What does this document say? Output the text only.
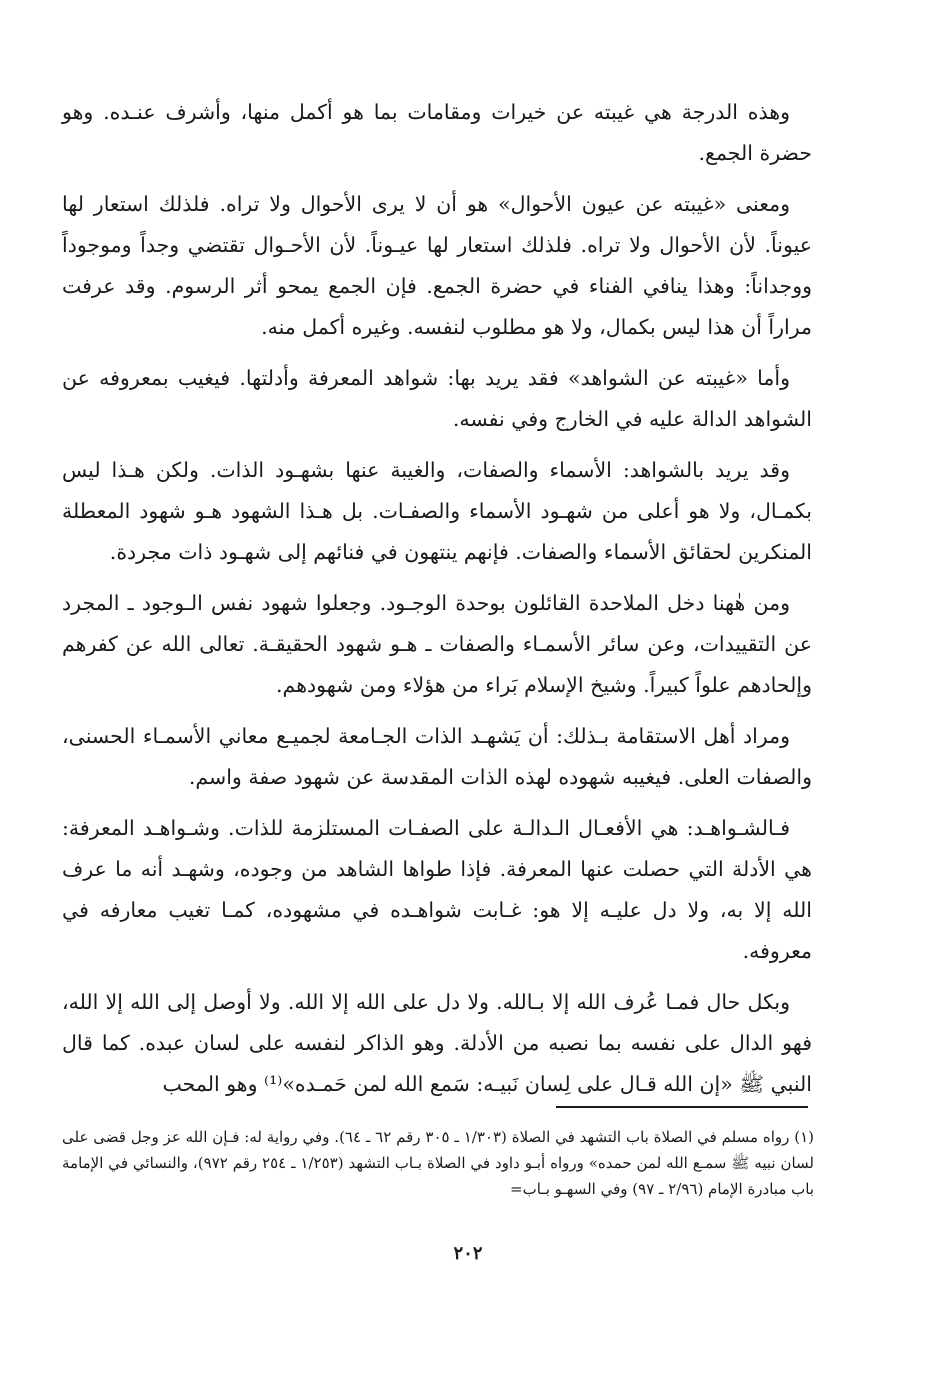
وهذه الدرجة هي غيبته عن خيرات ومقامات بما هو أكمل منها، وأشرف عنـده. وهو حضرة الجمع.

ومعنى «غيبته عن عيون الأحوال» هو أن لا يرى الأحوال ولا تراه. فلذلك استعار لها عيوناً. لأن الأحوال ولا تراه. فلذلك استعار لها عيـوناً. لأن الأحـوال تقتضي وجداً وموجوداً ووجداناً: وهذا ينافي الفناء في حضرة الجمع. فإن الجمع يمحو أثر الرسوم. وقد عرفت مراراً أن هذا ليس بكمال، ولا هو مطلوب لنفسه. وغيره أكمل منه.

وأما «غيبته عن الشواهد» فقد يريد بها: شواهد المعرفة وأدلتها. فيغيب بمعروفه عن الشواهد الدالة عليه في الخارج وفي نفسه.

وقد يريد بالشواهد: الأسماء والصفات، والغيبة عنها بشهـود الذات. ولكن هـذا ليس بكمـال، ولا هو أعلى من شهـود الأسماء والصفـات. بل هـذا الشهود هـو شهود المعطلة المنكرين لحقائق الأسماء والصفات. فإنهم ينتهون في فنائهم إلى شهـود ذات مجردة.

ومن هٰهنا دخل الملاحدة القائلون بوحدة الوجـود. وجعلوا شهود نفس الـوجود ـ المجرد عن التقييدات، وعن سائر الأسمـاء والصفات ـ هـو شهود الحقيقـة. تعالى الله عن كفرهم وإلحادهم علواً كبيراً. وشيخ الإسلام بَراء من هؤلاء ومن شهودهم.

ومراد أهل الاستقامة بـذلك: أن يَشهـد الذات الجـامعة لجميـع معاني الأسمـاء الحسنى، والصفات العلى. فيغيبه شهوده لهذه الذات المقدسة عن شهود صفة واسم.

فـالشـواهـد: هي الأفعـال الـدالـة على الصفـات المستلزمة للذات. وشـواهـد المعرفة: هي الأدلة التي حصلت عنها المعرفة. فإذا طواها الشاهد من وجوده، وشهـد أنه ما عرف الله إلا به، ولا دل عليـه إلا هو: غـابت شواهـده في مشهوده، كمـا تغيب معارفه في معروفه.

وبكل حال فمـا عُرف الله إلا بـالله. ولا دل على الله إلا الله. ولا أوصل إلى الله إلا الله، فهو الدال على نفسه بما نصبه من الأدلة. وهو الذاكر لنفسه على لسان عبده. كما قال النبي ﷺ «إن الله قـال على لِسان نَبيـه: سَمع الله لمن حَمـده»⁽¹⁾ وهو المحب

(١) رواه مسلم في الصلاة باب التشهد في الصلاة (١/٣٠٣ ـ ٣٠٥ رقم ٦٢ ـ ٦٤). وفي رواية له: فـإن الله عز وجل قضى على لسان نبيه ﷺ سمـع الله لمن حمده» ورواه أبـو داود في الصلاة بـاب التشهد (١/٢٥٣ ـ ٢٥٤ رقم ٩٧٢)، والنسائي في الإمامة باب مبادرة الإمام (٢/٩٦ ـ ٩٧) وفي السهـو بـاب=
٢٠٢
